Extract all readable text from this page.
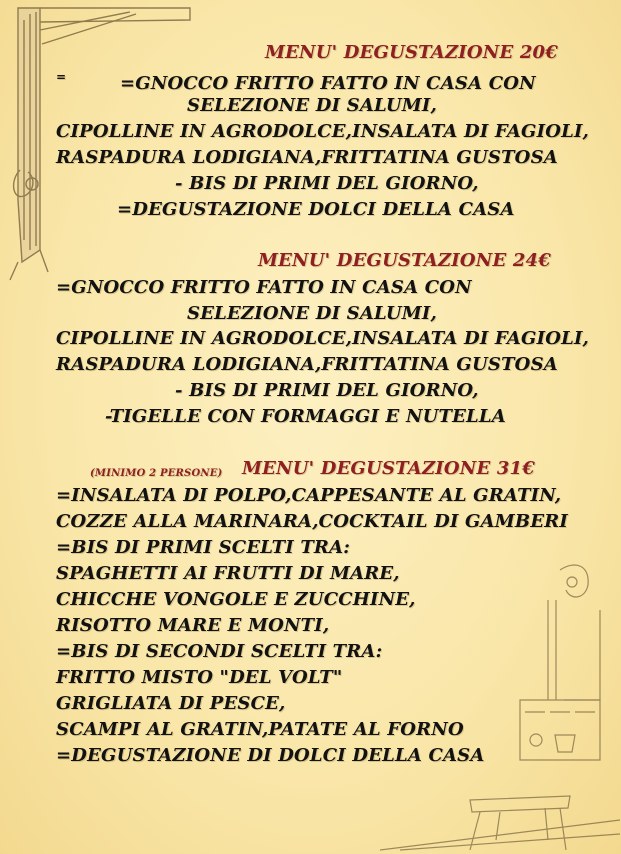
MENU' DEGUSTAZIONE 20€
=	=GNOCCO FRITTO FATTO IN CASA CON
SELEZIONE DI SALUMI,
CIPOLLINE IN AGRODOLCE,INSALATA DI FAGIOLI,
RASPADURA LODIGIANA,FRITTATINA GUSTOSA
- BIS DI PRIMI DEL GIORNO,
=DEGUSTAZIONE DOLCI DELLA CASA
MENU' DEGUSTAZIONE 24€
=GNOCCO FRITTO FATTO IN CASA CON
SELEZIONE DI SALUMI,
CIPOLLINE IN AGRODOLCE,INSALATA DI FAGIOLI,
RASPADURA LODIGIANA,FRITTATINA GUSTOSA
- BIS DI PRIMI DEL GIORNO,
-TIGELLE CON FORMAGGI E NUTELLA
(MINIMO 2 PERSONE) MENU' DEGUSTAZIONE 31€
=INSALATA DI POLPO,CAPPESANTE AL GRATIN,
COZZE ALLA MARINARA,COCKTAIL DI GAMBERI
=BIS DI PRIMI SCELTI TRA:
SPAGHETTI AI FRUTTI DI MARE,
CHICCHE VONGOLE E ZUCCHINE,
RISOTTO MARE E MONTI,
=BIS DI SECONDI SCELTI TRA:
FRITTO MISTO "DEL VOLT"
GRIGLIATA DI PESCE,
SCAMPI AL GRATIN,PATATE AL FORNO
=DEGUSTAZIONE DI DOLCI DELLA CASA
